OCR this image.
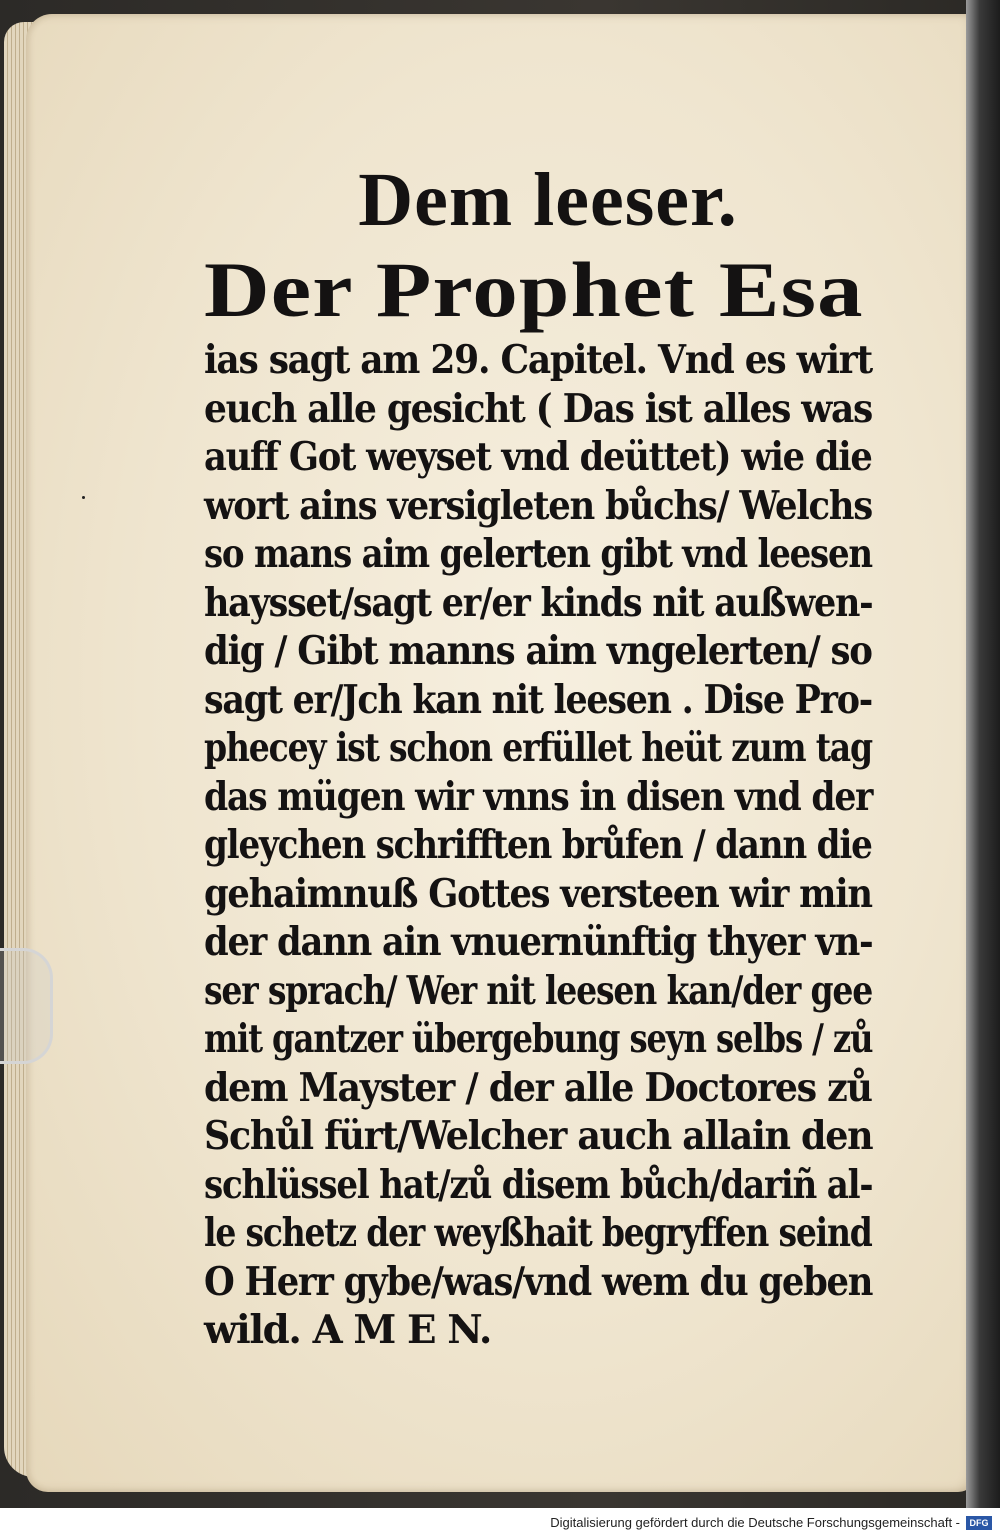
Dem leeser.
Der Prophet Esa
ias sagt am 29. Capitel. Vnd es wirt
euch alle gesicht ( Das ist alles was
auff Got weyset vnd deüttet) wie die
wort ains versigleten bůchs/ Welchs
so mans aim gelerten gibt vnd leesen
haysset/sagt er/er kinds nit außwen-
dig / Gibt manns aim vngelerten/ so
sagt er/Jch kan nit leesen . Dise Pro-
phecey ist schon erfüllet heüt zum tag
das mügen wir vnns in disen vnd der
gleychen schrifften brůfen / dann die
gehaimnuß Gottes versteen wir min
der dann ain vnuernünftig thyer vn-
ser sprach/ Wer nit leesen kan/der gee
mit gantzer übergebung seyn selbs / zů
dem Mayster / der alle Doctores zů
Schůl fürt/Welcher auch allain den
schlüssel hat/zů disem bůch/dariñ al-
le schetz der weyßhait begryffen seind
O Herr gybe/was/vnd wem du geben
wild. A M E N.
Digitalisierung gefördert durch die Deutsche Forschungsgemeinschaft -	DFG
